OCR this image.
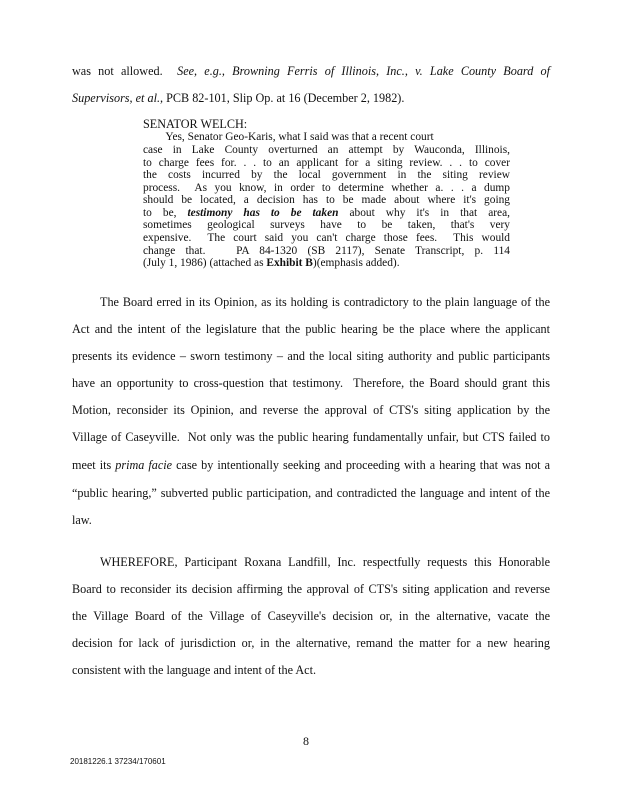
was not allowed.  See, e.g., Browning Ferris of Illinois, Inc., v. Lake County Board of
Supervisors, et al., PCB 82-101, Slip Op. at 16 (December 2, 1982).
SENATOR WELCH:
Yes, Senator Geo-Karis, what I said was that a recent court
case in Lake County overturned an attempt by Wauconda, Illinois,
to charge fees for. . . to an applicant for a siting review. . . to cover
the costs incurred by the local government in the siting review
process.  As you know, in order to determine whether a. . . a dump
should be located, a decision has to be made about where it's going
to be, testimony has to be taken about why it's in that area,
sometimes geological surveys have to be taken, that's very
expensive.  The court said you can't charge those fees.  This would
change that.   PA 84-1320 (SB 2117), Senate Transcript, p. 114
(July 1, 1986) (attached as Exhibit B)(emphasis added).
The Board erred in its Opinion, as its holding is contradictory to the plain language of the
Act and the intent of the legislature that the public hearing be the place where the applicant
presents its evidence – sworn testimony – and the local siting authority and public participants
have an opportunity to cross-question that testimony.  Therefore, the Board should grant this
Motion, reconsider its Opinion, and reverse the approval of CTS's siting application by the
Village of Caseyville.  Not only was the public hearing fundamentally unfair, but CTS failed to
meet its prima facie case by intentionally seeking and proceeding with a hearing that was not a
“public hearing,” subverted public participation, and contradicted the language and intent of the
law.
WHEREFORE, Participant Roxana Landfill, Inc. respectfully requests this Honorable
Board to reconsider its decision affirming the approval of CTS's siting application and reverse
the Village Board of the Village of Caseyville's decision or, in the alternative, vacate the
decision for lack of jurisdiction or, in the alternative, remand the matter for a new hearing
consistent with the language and intent of the Act.
8
20181226.1 37234/170601
